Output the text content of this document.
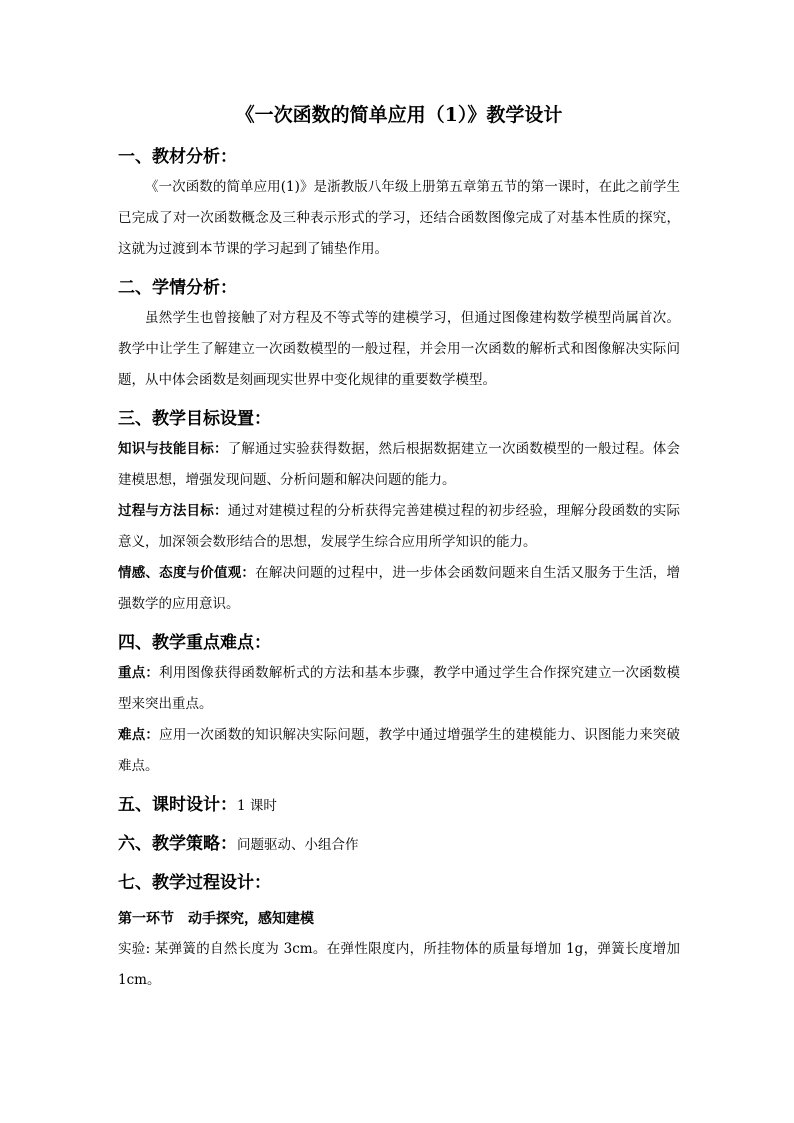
《一次函数的简单应用（1）》教学设计
一、教材分析：

《一次函数的简单应用(1)》是浙教版八年级上册第五章第五节的第一课时，在此之前学生已完成了对一次函数概念及三种表示形式的学习，还结合函数图像完成了对基本性质的探究，这就为过渡到本节课的学习起到了铺垫作用。

二、学情分析：

虽然学生也曾接触了对方程及不等式等的建模学习，但通过图像建构数学模型尚属首次。教学中让学生了解建立一次函数模型的一般过程，并会用一次函数的解析式和图像解决实际问题，从中体会函数是刻画现实世界中变化规律的重要数学模型。

三、教学目标设置：

知识与技能目标：了解通过实验获得数据，然后根据数据建立一次函数模型的一般过程。体会建模思想，增强发现问题、分析问题和解决问题的能力。

过程与方法目标：通过对建模过程的分析获得完善建模过程的初步经验，理解分段函数的实际意义，加深领会数形结合的思想，发展学生综合应用所学知识的能力。

情感、态度与价值观：在解决问题的过程中，进一步体会函数问题来自生活又服务于生活，增强数学的应用意识。

四、教学重点难点：

重点：利用图像获得函数解析式的方法和基本步骤，教学中通过学生合作探究建立一次函数模型来突出重点。

难点：应用一次函数的知识解决实际问题，教学中通过增强学生的建模能力、识图能力来突破难点。

五、课时设计：1 课时
六、教学策略：问题驱动、小组合作
七、教学过程设计：
第一环节　动手探究，感知建模

实验: 某弹簧的自然长度为 3cm。在弹性限度内，所挂物体的质量每增加 1g，弹簧长度增加 1cm。
